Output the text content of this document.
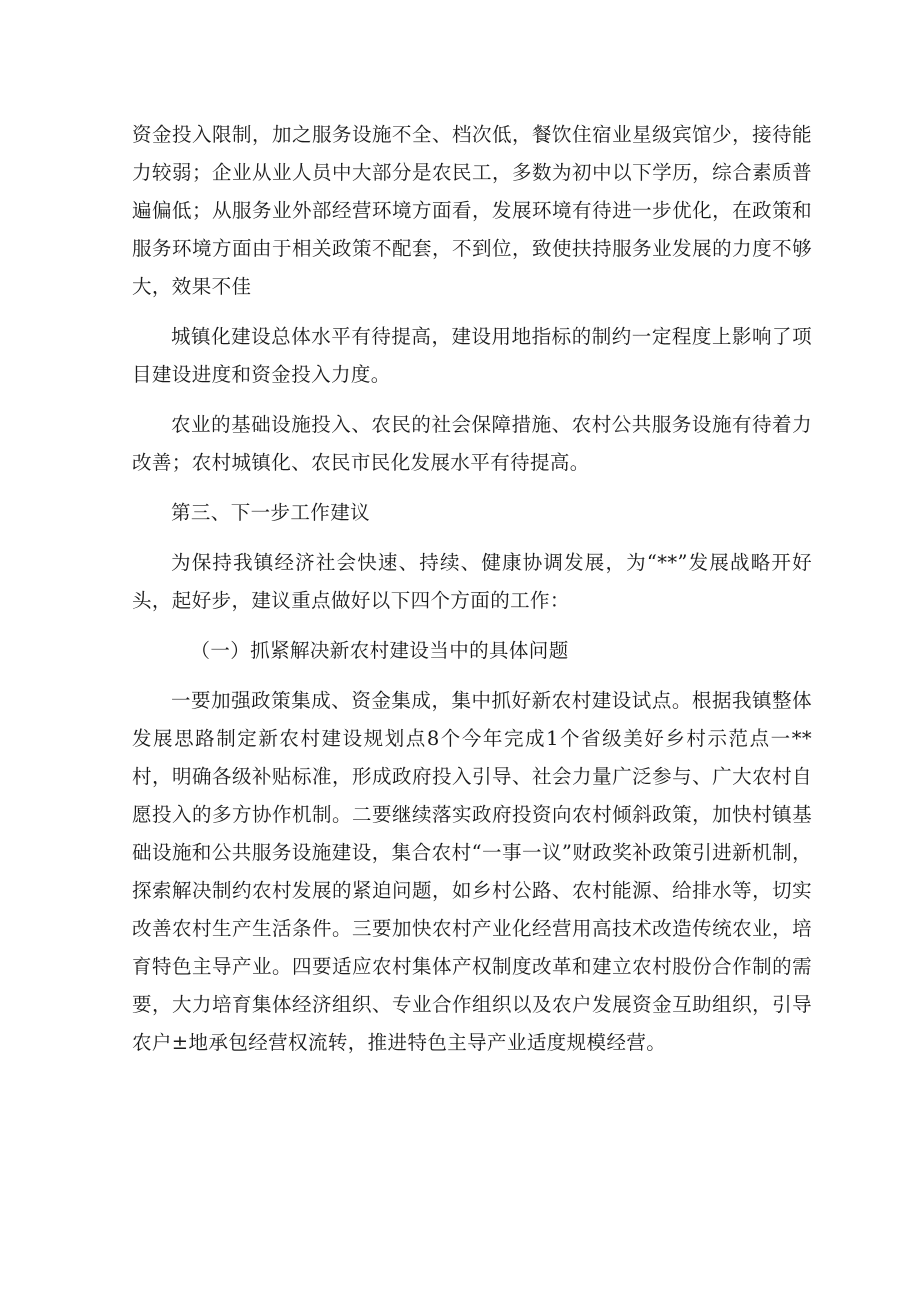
资金投入限制，加之服务设施不全、档次低，餐饮住宿业星级宾馆少，接待能力较弱；企业从业人员中大部分是农民工，多数为初中以下学历，综合素质普遍偏低；从服务业外部经营环境方面看，发展环境有待进一步优化，在政策和服务环境方面由于相关政策不配套，不到位，致使扶持服务业发展的力度不够大，效果不佳

城镇化建设总体水平有待提高，建设用地指标的制约一定程度上影响了项目建设进度和资金投入力度。

农业的基础设施投入、农民的社会保障措施、农村公共服务设施有待着力改善；农村城镇化、农民市民化发展水平有待提高。

第三、下一步工作建议

为保持我镇经济社会快速、持续、健康协调发展，为“**”发展战略开好头，起好步，建议重点做好以下四个方面的工作：

（一）抓紧解决新农村建设当中的具体问题

一要加强政策集成、资金集成，集中抓好新农村建设试点。根据我镇整体发展思路制定新农村建设规划点8个今年完成1个省级美好乡村示范点一**村，明确各级补贴标准，形成政府投入引导、社会力量广泛参与、广大农村自愿投入的多方协作机制。二要继续落实政府投资向农村倾斜政策，加快村镇基础设施和公共服务设施建设，集合农村“一事一议”财政奖补政策引进新机制，探索解决制约农村发展的紧迫问题，如乡村公路、农村能源、给排水等，切实改善农村生产生活条件。三要加快农村产业化经营用高技术改造传统农业，培育特色主导产业。四要适应农村集体产权制度改革和建立农村股份合作制的需要，大力培育集体经济组织、专业合作组织以及农户发展资金互助组织，引导农户±地承包经营权流转，推进特色主导产业适度规模经营。
